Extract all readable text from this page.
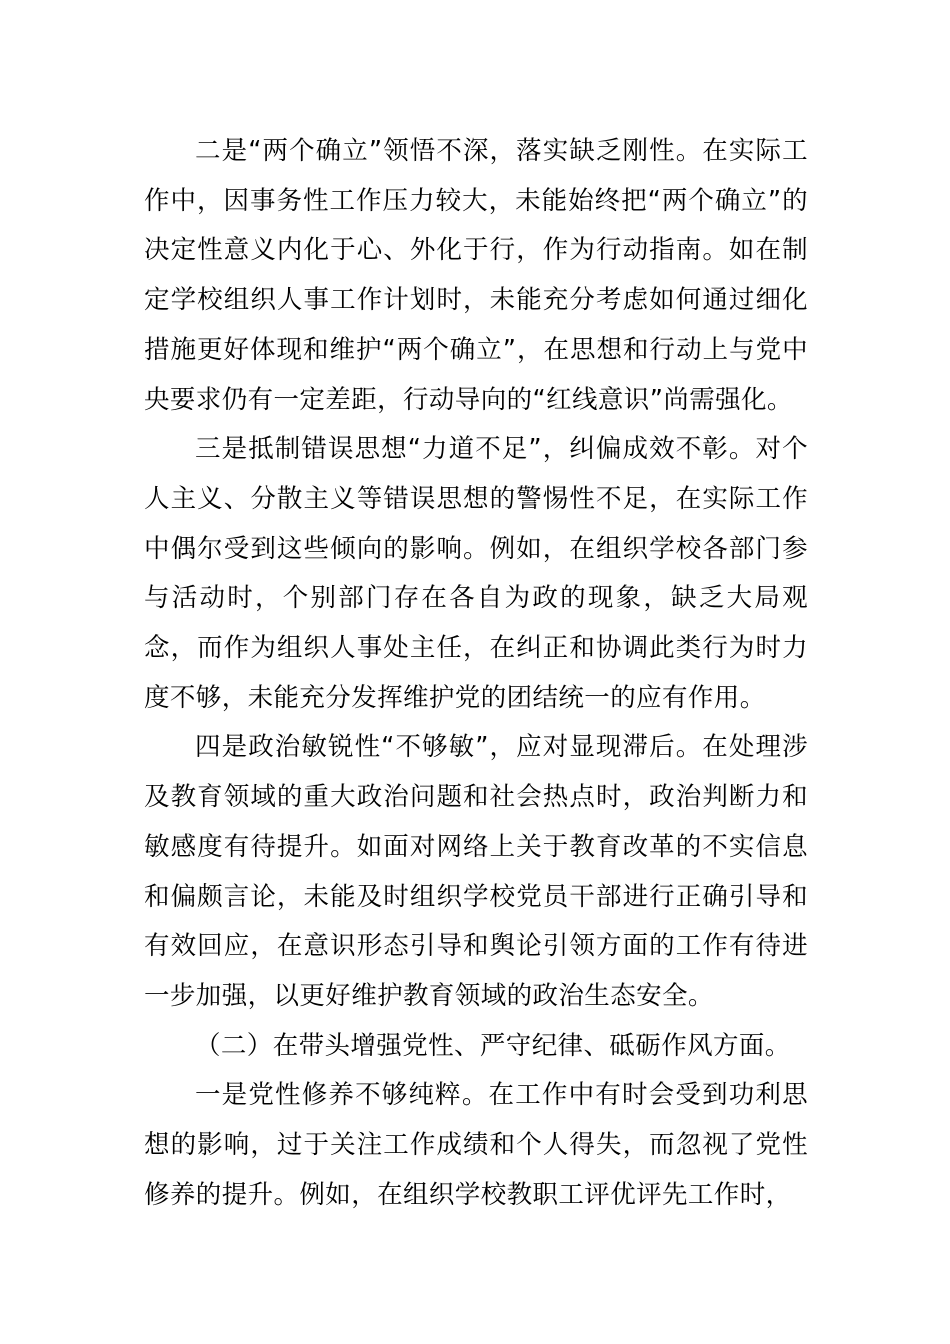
二是“两个确立”领悟不深，落实缺乏刚性。在实际工作中，因事务性工作压力较大，未能始终把“两个确立”的决定性意义内化于心、外化于行，作为行动指南。如在制定学校组织人事工作计划时，未能充分考虑如何通过细化措施更好体现和维护“两个确立”，在思想和行动上与党中央要求仍有一定差距，行动导向的“红线意识”尚需强化。

三是抵制错误思想“力道不足”，纠偏成效不彰。对个人主义、分散主义等错误思想的警惕性不足，在实际工作中偶尔受到这些倾向的影响。例如，在组织学校各部门参与活动时，个别部门存在各自为政的现象，缺乏大局观念，而作为组织人事处主任，在纠正和协调此类行为时力度不够，未能充分发挥维护党的团结统一的应有作用。

四是政治敏锐性“不够敏”，应对显现滞后。在处理涉及教育领域的重大政治问题和社会热点时，政治判断力和敏感度有待提升。如面对网络上关于教育改革的不实信息和偏颇言论，未能及时组织学校党员干部进行正确引导和有效回应，在意识形态引导和舆论引领方面的工作有待进一步加强，以更好维护教育领域的政治生态安全。

（二）在带头增强党性、严守纪律、砥砺作风方面。

一是党性修养不够纯粹。在工作中有时会受到功利思想的影响，过于关注工作成绩和个人得失，而忽视了党性修养的提升。例如，在组织学校教职工评优评先工作时，
